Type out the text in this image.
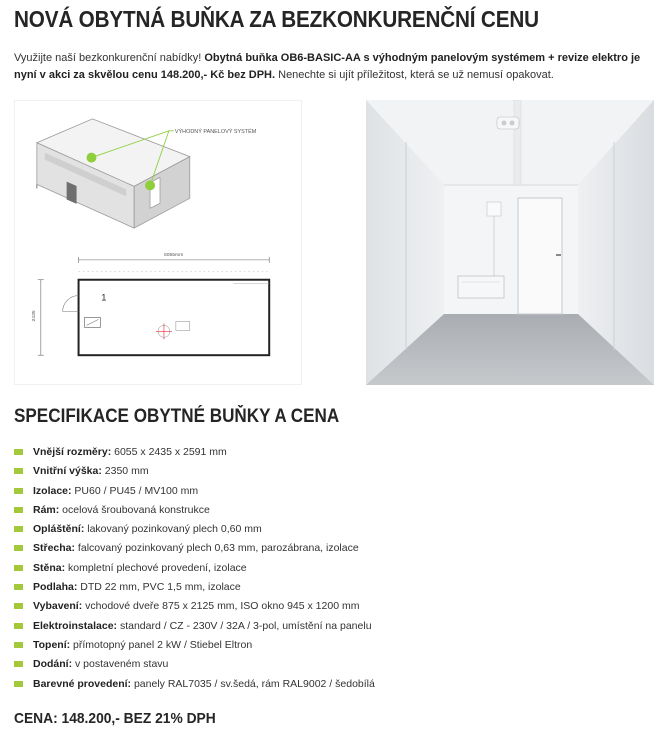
NOVÁ OBYTNÁ BUŇKA ZA BEZKONKURENČNÍ CENU

Využijte naší bezkonkurenční nabídky! Obytná buňka OB6-BASIC-AA s výhodným panelovým systémem + revize elektro je nyní v akci za skvělou cenu 148.200,- Kč bez DPH. Nenechte si ujít příležitost, která se už nemusí opakovat.

VÝHODNÝ PANELOVÝ SYSTÉM
6055mm
2435
1
SPECIFIKACE OBYTNÉ BUŇKY A CENA
Vnější rozměry: 6055 x 2435 x 2591 mm
Vnitřní výška: 2350 mm
Izolace: PU60 / PU45 / MV100 mm
Rám: ocelová šroubovaná konstrukce
Opláštění: lakovaný pozinkovaný plech 0,60 mm
Střecha: falcovaný pozinkovaný plech 0,63 mm, parozábrana, izolace
Stěna: kompletní plechové provedení, izolace
Podlaha: DTD 22 mm, PVC 1,5 mm, izolace
Vybavení: vchodové dveře 875 x 2125 mm, ISO okno 945 x 1200 mm
Elektroinstalace: standard / CZ - 230V / 32A / 3-pol, umístění na panelu
Topení: přímotopný panel 2 kW / Stiebel Eltron
Dodání: v postaveném stavu
Barevné provedení: panely RAL7035 / sv.šedá, rám RAL9002 / šedobílá

CENA: 148.200,- BEZ 21% DPH
